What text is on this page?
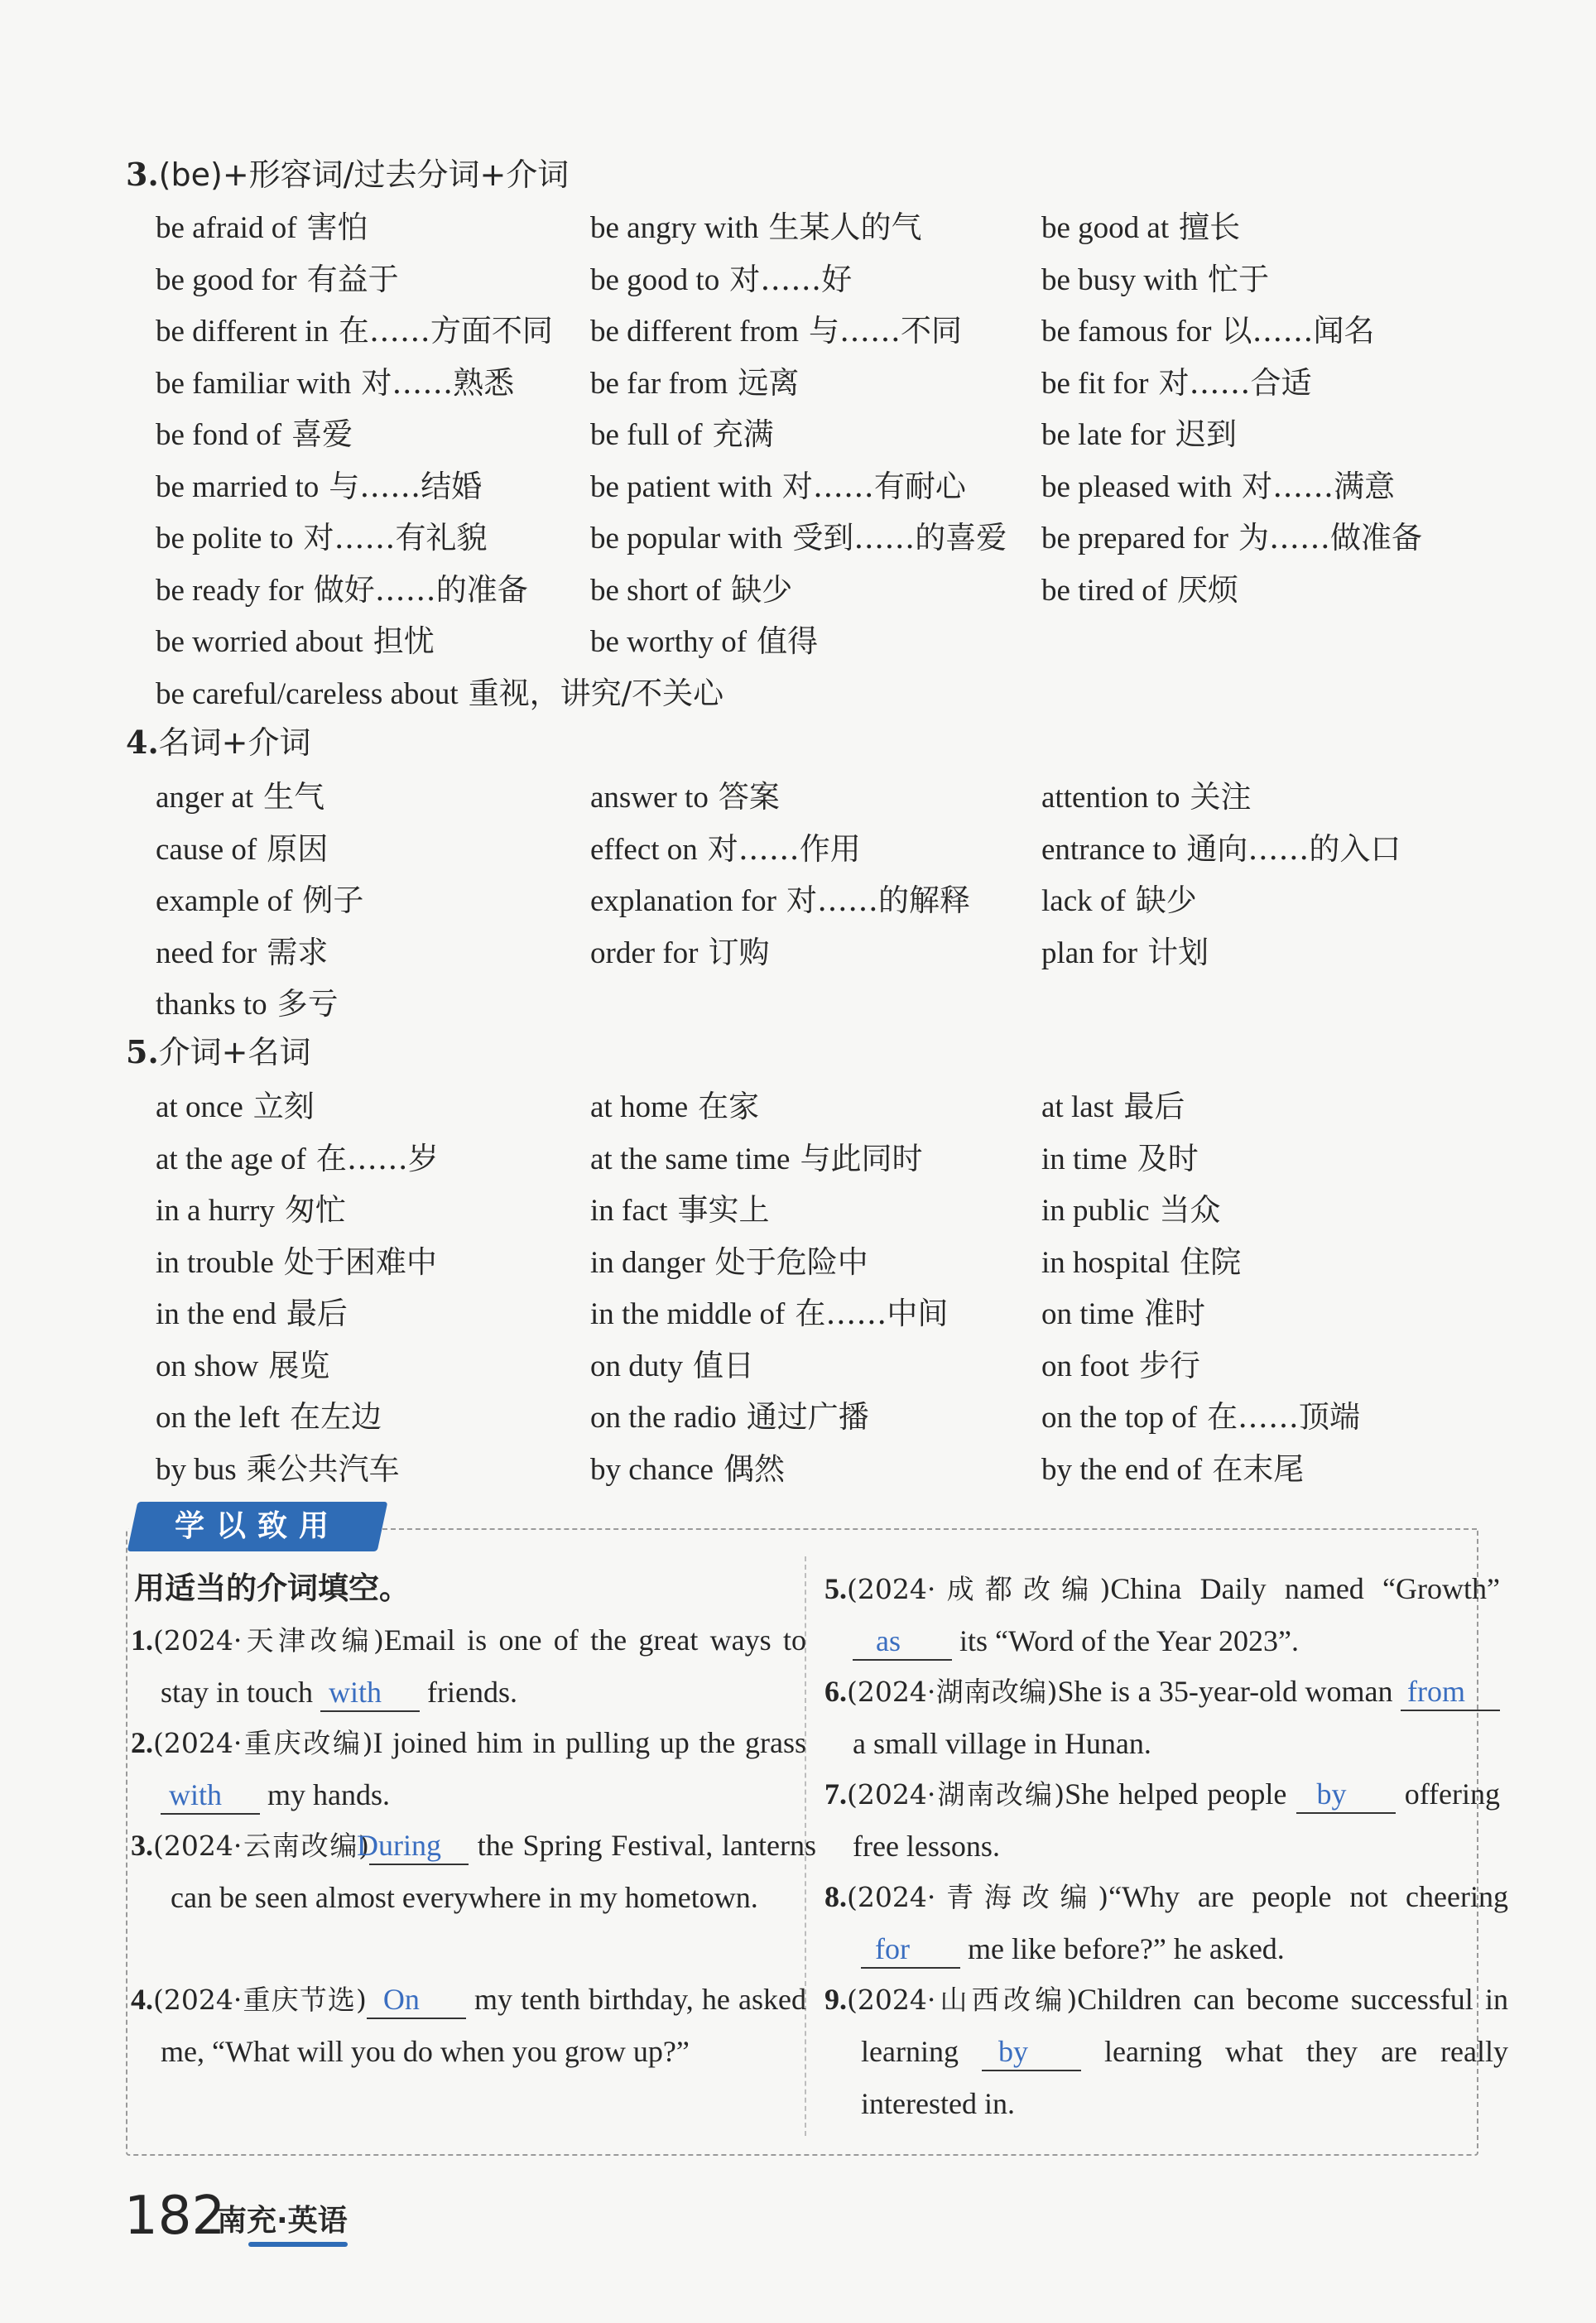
3.(be)+形容词/过去分词+介词
be afraid of 害怕	be angry with 生某人的气	be good at 擅长
be good for 有益于	be good to 对……好	be busy with 忙于
be different in 在……方面不同 be different from 与……不同	be famous for 以……闻名
be familiar with 对……熟悉 be far from 远离	be fit for 对……合适
be fond of 喜爱	be full of 充满	be late for 迟到
be married to 与……结婚	be patient with 对……有耐心 be pleased with 对……满意
be polite to 对……有礼貌	be popular with 受到……的喜爱 be prepared for 为……做准备
be ready for 做好……的准备 be short of 缺少	be tired of 厌烦
be worried about 担忧	be worthy of 值得
be careful/careless about 重视，讲究/不关心
4.名词+介词
anger at 生气	answer to 答案	attention to 关注
cause of 原因	effect on 对……作用	entrance to 通向……的入口
example of 例子	explanation for 对……的解释 lack of 缺少
need for 需求	order for 订购	plan for 计划
thanks to 多亏
5.介词+名词
at once 立刻	at home 在家	at last 最后
at the age of 在……岁	at the same time 与此同时	in time 及时
in a hurry 匆忙	in fact 事实上	in public 当众
in trouble 处于困难中	in danger 处于危险中	in hospital 住院
in the end 最后	in the middle of 在……中间	on time 准时
on show 展览	on duty 值日	on foot 步行
on the left 在左边	on the radio 通过广播	on the top of 在……顶端
by bus 乘公共汽车	by chance 偶然	by the end of 在末尾
学以致用
用适当的介词填空。
1.(2024·天津改编)Email is one of the great ways to stay in touch with friends.
2.(2024·重庆改编)I joined him in pulling up the grass with my hands.
3.(2024·云南改编)During the Spring Festival, lanterns can be seen almost everywhere in my hometown.
4.(2024·重庆节选) On my tenth birthday, he asked me, “What will you do when you grow up?”
5.(2024·成都改编)China Daily named “Growth” as its “Word of the Year 2023”.
6.(2024·湖南改编)She is a 35-year-old woman from a small village in Hunan.
7.(2024·湖南改编)She helped people by offering free lessons.
8.(2024·青海改编)“Why are people not cheering for me like before?” he asked.
9.(2024·山西改编)Children can become successful in learning by learning what they are really interested in.
182
南充·英语
